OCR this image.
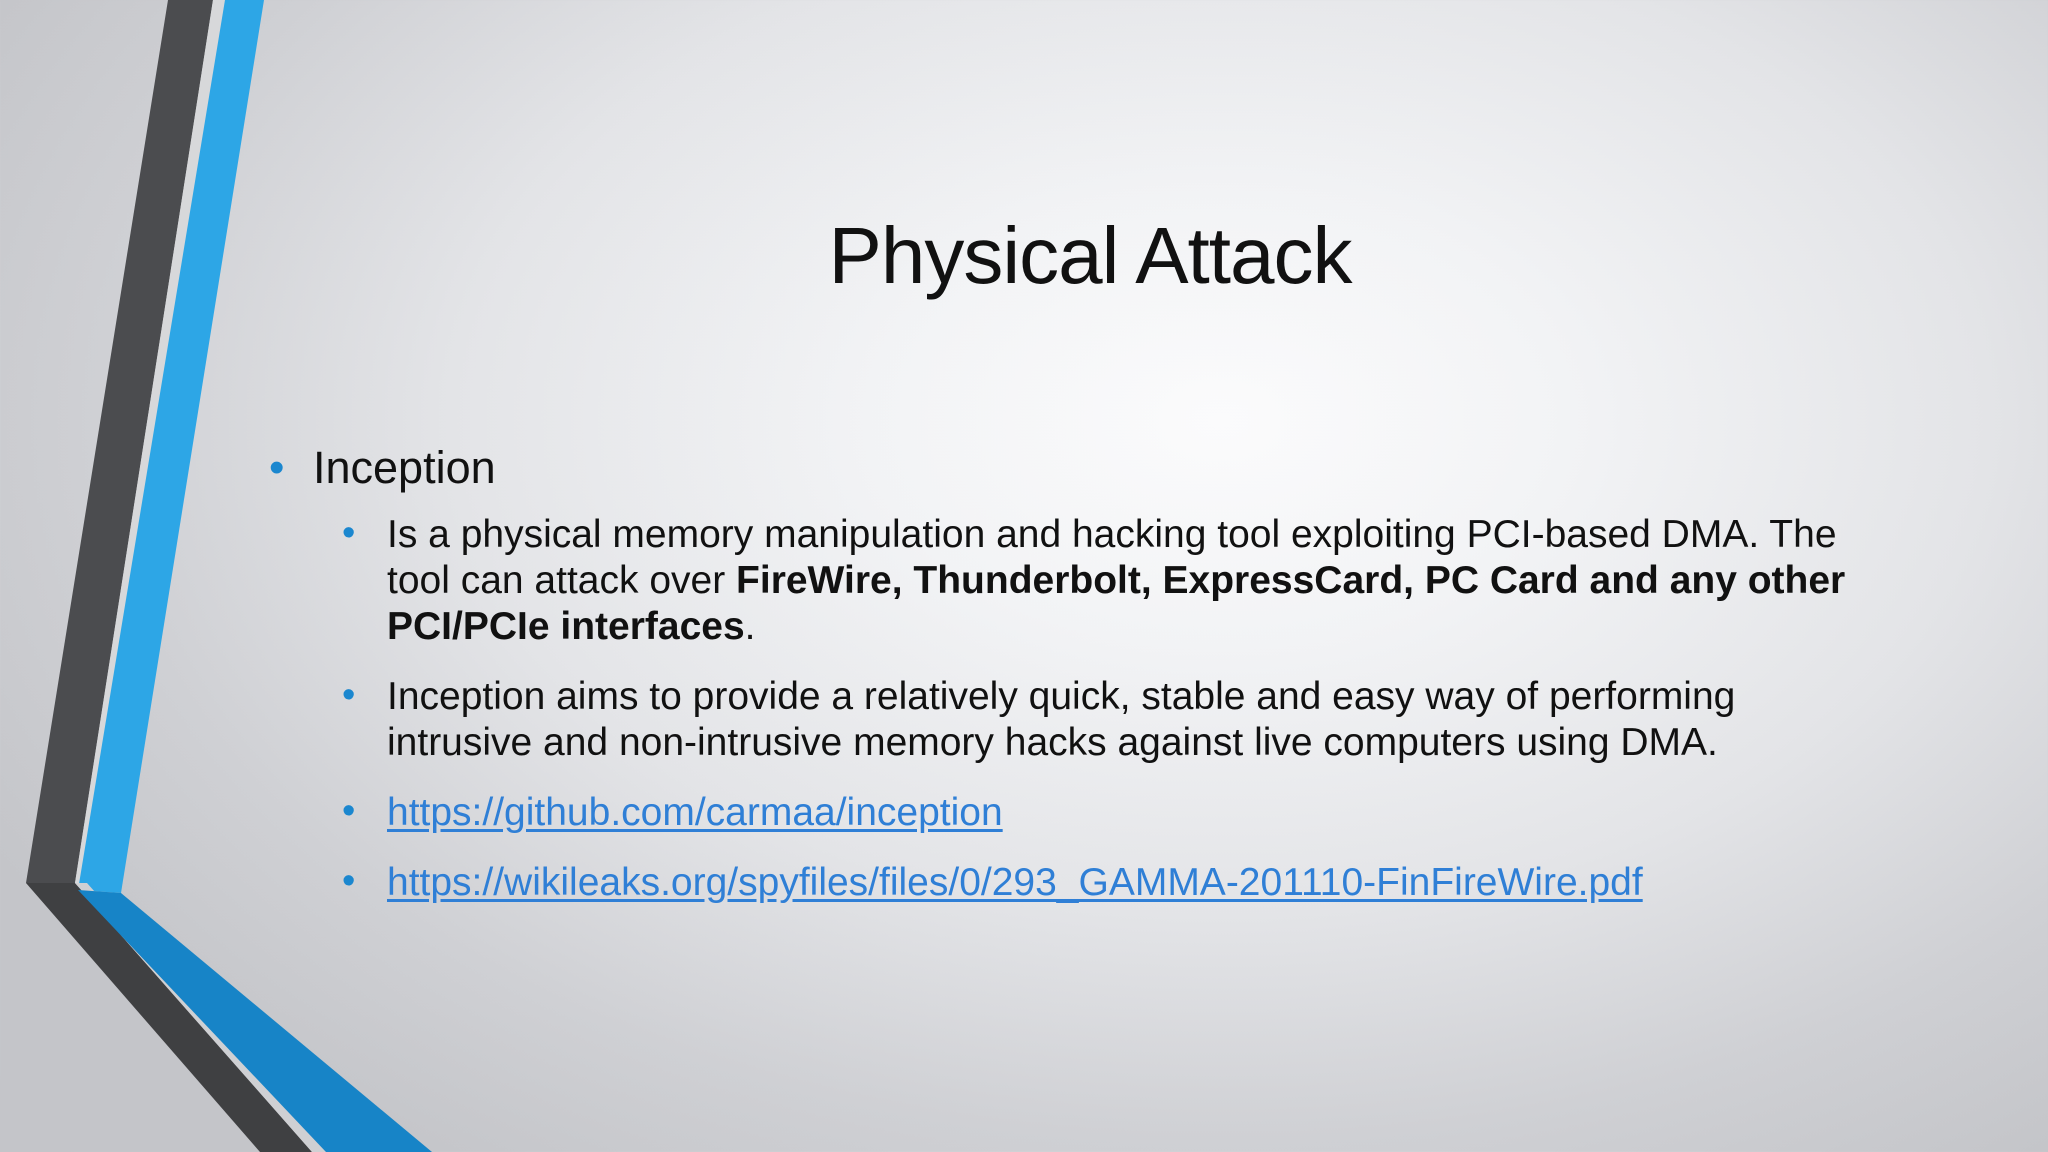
Physical Attack
• Inception
• Is a physical memory manipulation and hacking tool exploiting PCI-based DMA. The tool can attack over FireWire, Thunderbolt, ExpressCard, PC Card and any other PCI/PCIe interfaces.
• Inception aims to provide a relatively quick, stable and easy way of performing intrusive and non-intrusive memory hacks against live computers using DMA.
• https://github.com/carmaa/inception
• https://wikileaks.org/spyfiles/files/0/293_GAMMA-201110-FinFireWire.pdf
